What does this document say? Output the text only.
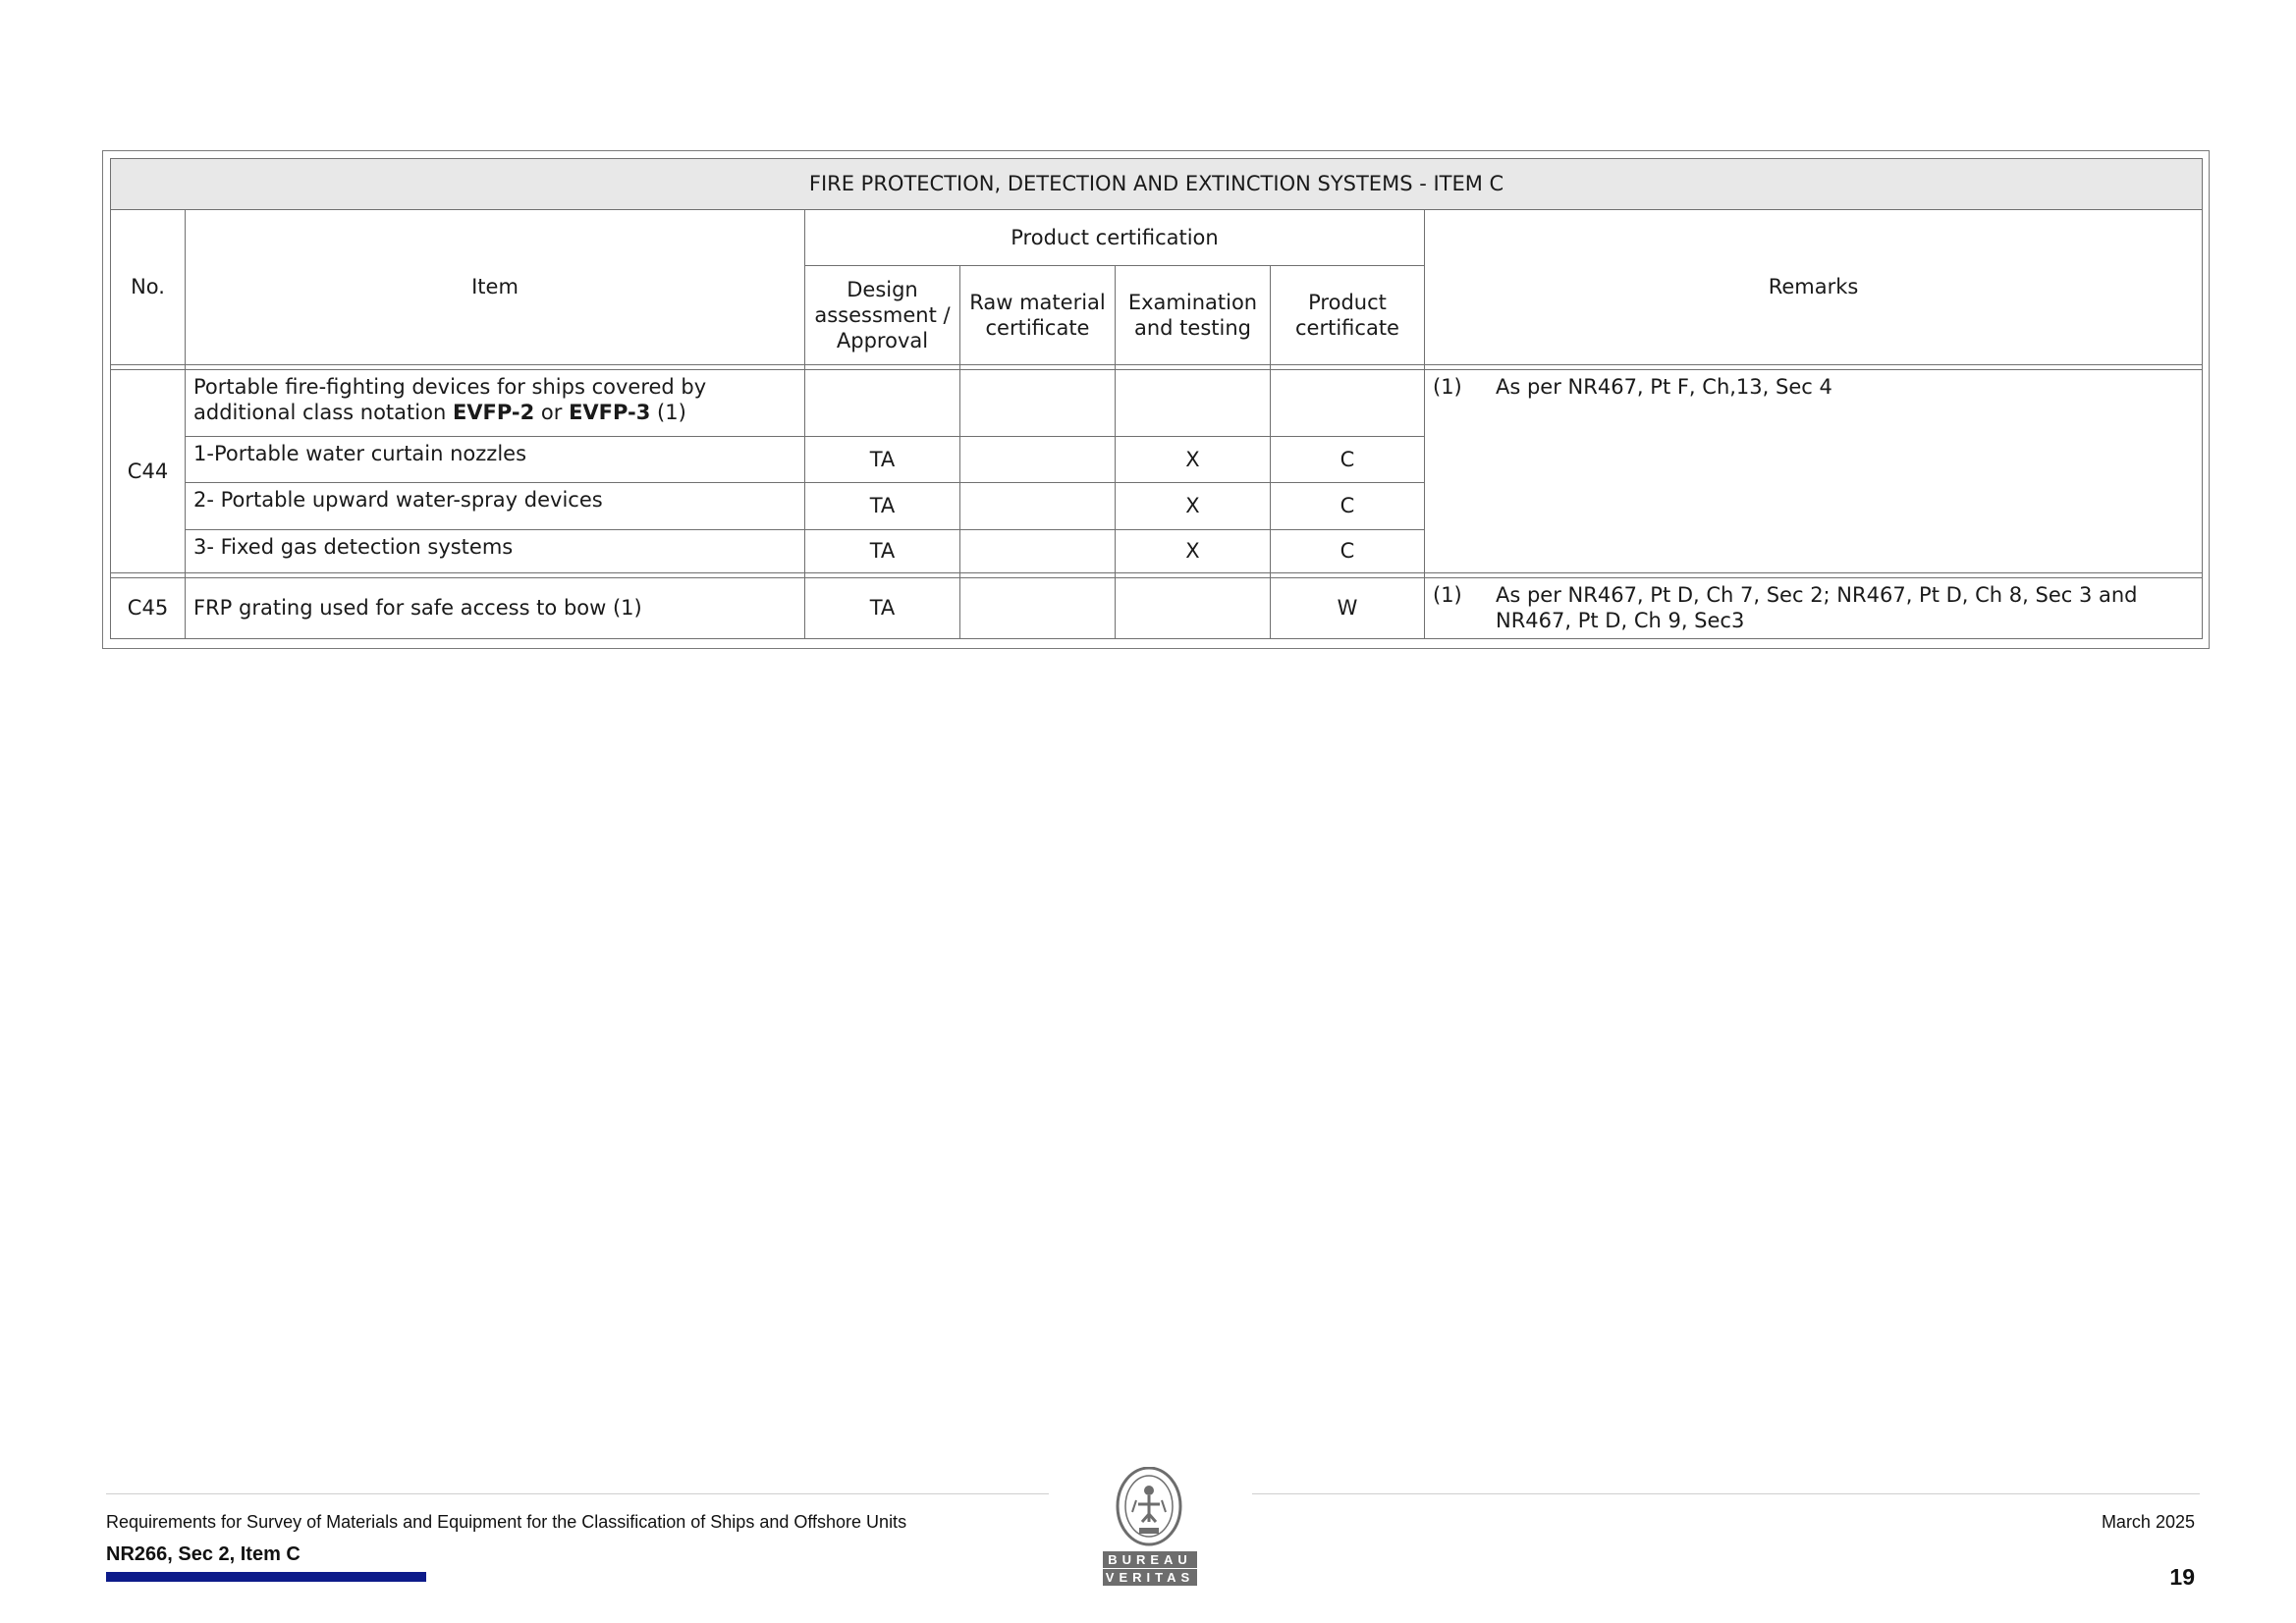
FIRE PROTECTION, DETECTION AND EXTINCTION SYSTEMS - ITEM C						
No.	Item	Product certification				Remarks
		Design assessment / Approval	Raw material certificate	Examination and testing	Product certificate	

C44	Portable fire-fighting devices for ships covered by additional class notation EVFP-2 or EVFP-3 (1)					(1) As per NR467, Pt F, Ch,13, Sec 4

	1-Portable water curtain nozzles	TA		X	C	
	2- Portable upward water-spray devices	TA		X	C	
	3- Fixed gas detection systems	TA		X	C	

C45	FRP grating used for safe access to bow (1)	TA			W	(1) As per NR467, Pt D, Ch 7, Sec 2; NR467, Pt D, Ch 8, Sec 3 and NR467, Pt D, Ch 9, Sec3
Requirements for Survey of Materials and Equipment for the Classification of Ships and Offshore Units
NR266, Sec 2, Item C
March 2025
19
BUREAU
VERITAS
